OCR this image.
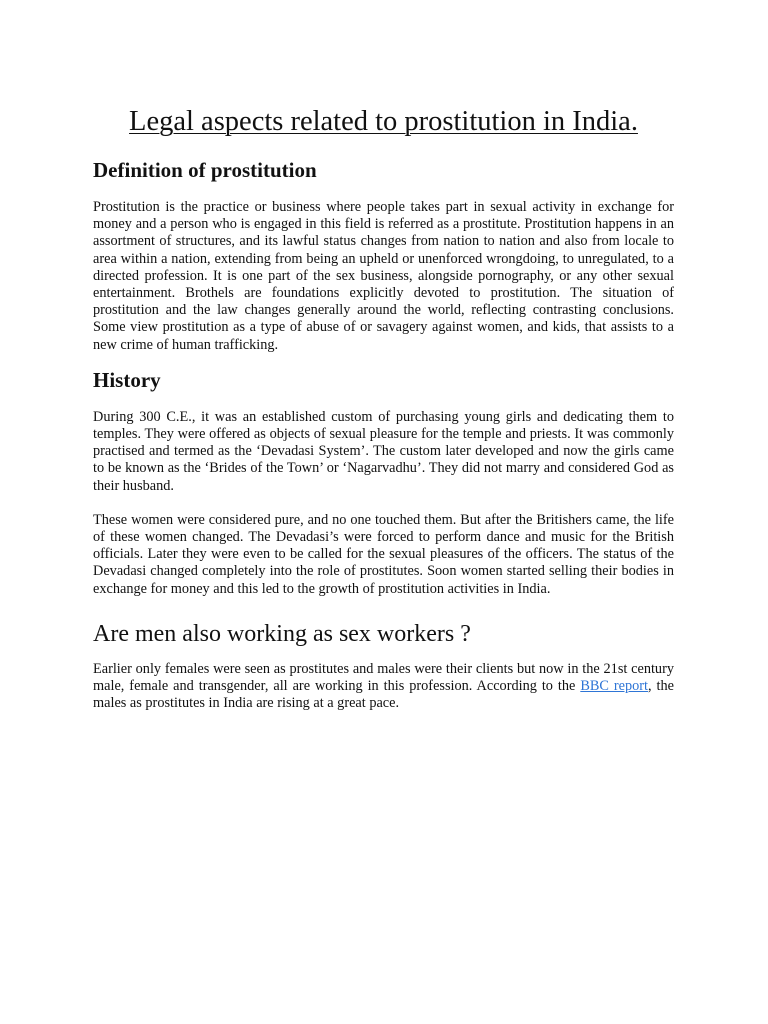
Legal aspects related to prostitution in India.
Definition of prostitution

Prostitution is the practice or business where people takes part in sexual activity in exchange for money and a person who is engaged in this field is referred as a prostitute. Prostitution happens in an assortment of structures, and its lawful status changes from nation to nation and also from locale to area within a nation, extending from being an upheld or unenforced wrongdoing, to unregulated, to a directed profession. It is one part of the sex business, alongside pornography, or any other sexual entertainment. Brothels are foundations explicitly devoted to prostitution. The situation of prostitution and the law changes generally around the world, reflecting contrasting conclusions. Some view prostitution as a type of abuse of or savagery against women, and kids, that assists to a new crime of human trafficking.

History

During 300 C.E., it was an established custom of purchasing young girls and dedicating them to temples. They were offered as objects of sexual pleasure for the temple and priests. It was commonly practised and termed as the ‘Devadasi System’. The custom later developed and now the girls came to be known as the ‘Brides of the Town’ or ‘Nagarvadhu’. They did not marry and considered God as their husband.

These women were considered pure, and no one touched them. But after the Britishers came, the life of these women changed. The Devadasi’s were forced to perform dance and music for the British officials. Later they were even to be called for the sexual pleasures of the officers. The status of the Devadasi changed completely into the role of prostitutes. Soon women started selling their bodies in exchange for money and this led to the growth of prostitution activities in India.

Are men also working as sex workers ?

Earlier only females were seen as prostitutes and males were their clients but now in the 21st century male, female and transgender, all are working in this profession. According to the BBC report, the males as prostitutes in India are rising at a great pace.
